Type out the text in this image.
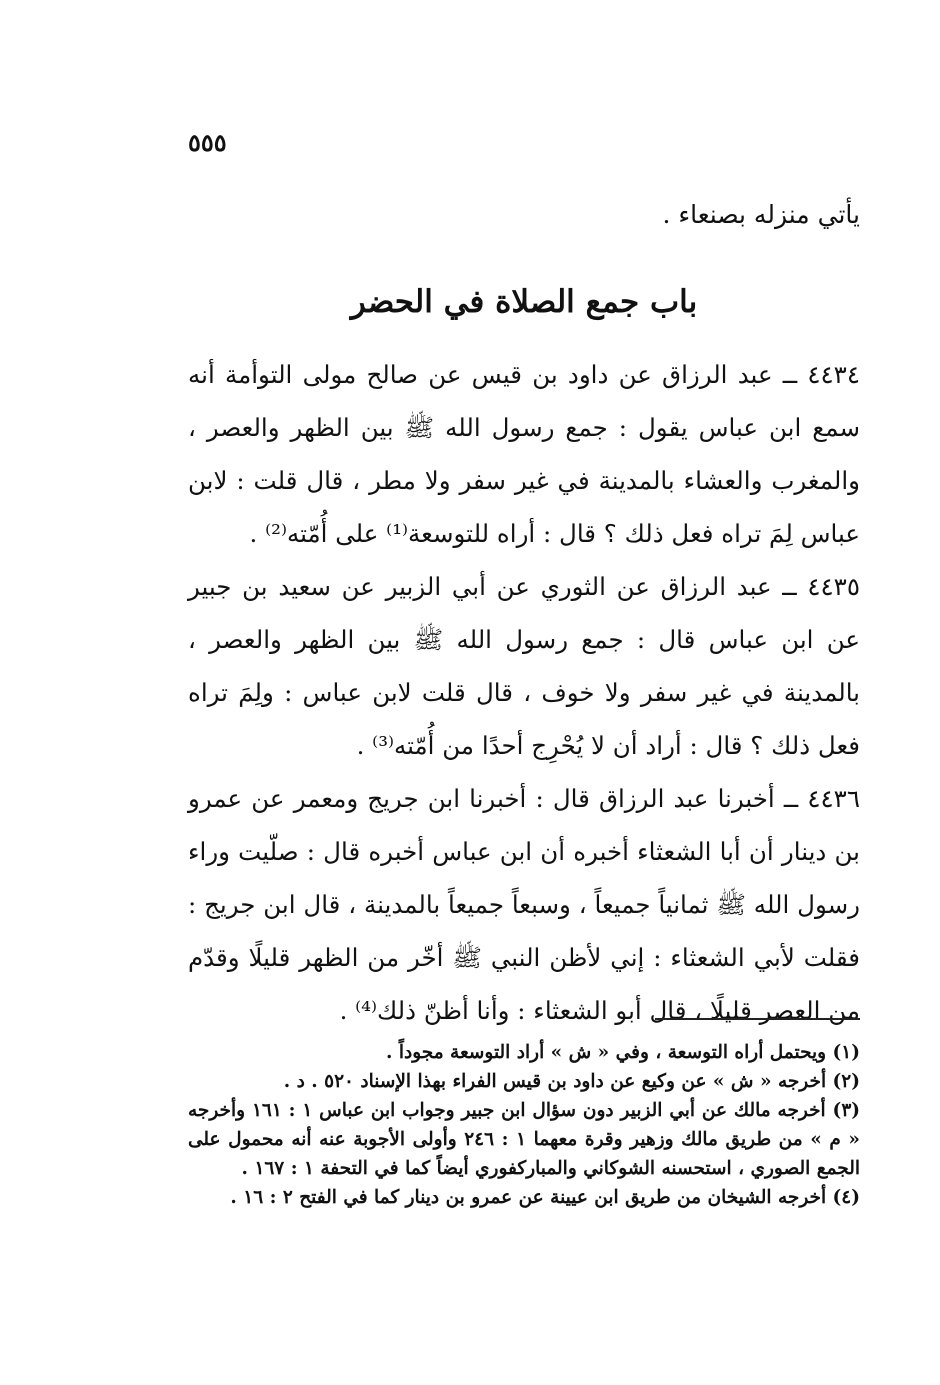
٥٥٥
يأتي منزله بصنعاء .
باب جمع الصلاة في الحضر
٤٤٣٤ ــ عبد الرزاق عن داود بن قيس عن صالح مولى التوأمة أنه سمع ابن عباس يقول : جمع رسول الله ﷺ بين الظهر والعصر ، والمغرب والعشاء بالمدينة في غير سفر ولا مطر ، قال قلت : لابن عباس لِمَ تراه فعل ذلك ؟ قال : أراه للتوسعة⁽¹⁾ على أُمّته⁽²⁾ .
٤٤٣٥ ــ عبد الرزاق عن الثوري عن أبي الزبير عن سعيد بن جبير عن ابن عباس قال : جمع رسول الله ﷺ بين الظهر والعصر ، بالمدينة في غير سفر ولا خوف ، قال قلت لابن عباس : ولِمَ تراه فعل ذلك ؟ قال : أراد أن لا يُحْرِج أحدًا من أُمّته⁽³⁾ .
٤٤٣٦ ــ أخبرنا عبد الرزاق قال : أخبرنا ابن جريج ومعمر عن عمرو بن دينار أن أبا الشعثاء أخبره أن ابن عباس أخبره قال : صلّيت وراء رسول الله ﷺ ثمانياً جميعاً ، وسبعاً جميعاً بالمدينة ، قال ابن جريج : فقلت لأبي الشعثاء : إني لأظن النبي ﷺ أخّر من الظهر قليلًا وقدّم من العصر قليلًا ، قال أبو الشعثاء : وأنا أظنّ ذلك⁽⁴⁾ .

(١) ويحتمل أراه التوسعة ، وفي « ش » أراد التوسعة مجوداً .

(٢) أخرجه « ش » عن وكيع عن داود بن قيس الفراء بهذا الإسناد ٥٢٠ . د .

(٣) أخرجه مالك عن أبي الزبير دون سؤال ابن جبير وجواب ابن عباس ١ : ١٦١ وأخرجه « م » من طريق مالك وزهير وقرة معهما ١ : ٢٤٦ وأولى الأجوبة عنه أنه محمول على الجمع الصوري ، استحسنه الشوكاني والمباركفوري أيضاً كما في التحفة ١ : ١٦٧ .

(٤) أخرجه الشيخان من طريق ابن عيينة عن عمرو بن دينار كما في الفتح ٢ : ١٦ .
